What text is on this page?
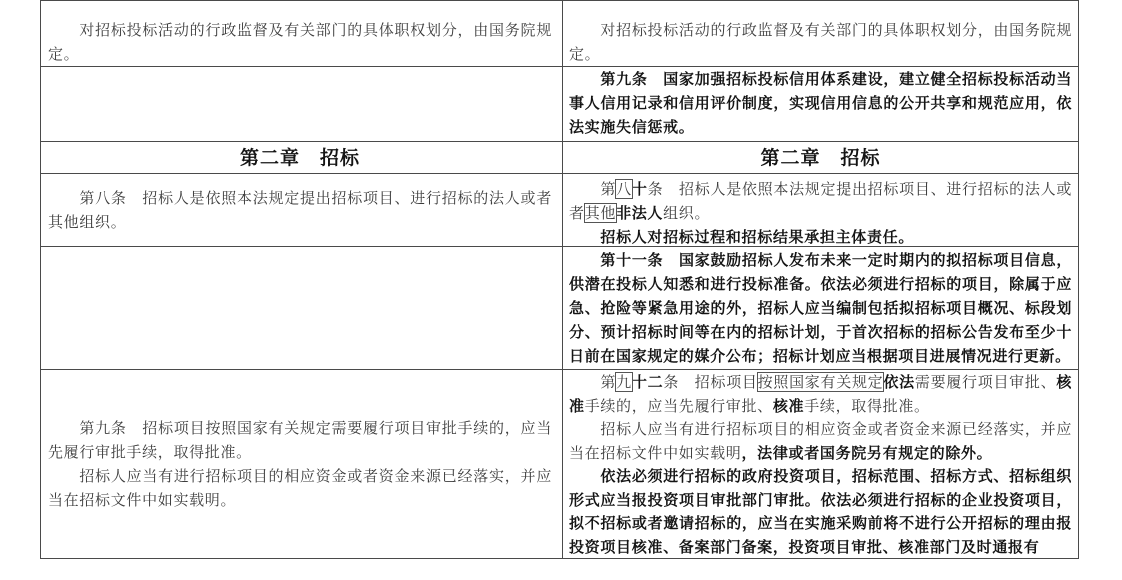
对招标投标活动的行政监督及有关部门的具体职权划分，由国务院规定。

对招标投标活动的行政监督及有关部门的具体职权划分，由国务院规定。

第九条　国家加强招标投标信用体系建设，建立健全招标投标活动当事人信用记录和信用评价制度，实现信用信息的公开共享和规范应用，依法实施失信惩戒。

第二章　招标	第二章　招标

第八条　招标人是依照本法规定提出招标项目、进行招标的法人或者其他组织。

第八十条　招标人是依照本法规定提出招标项目、进行招标的法人或者其他非法人组织。

招标人对招标过程和招标结果承担主体责任。

第十一条　国家鼓励招标人发布未来一定时期内的拟招标项目信息，供潜在投标人知悉和进行投标准备。依法必须进行招标的项目，除属于应急、抢险等紧急用途的外，招标人应当编制包括拟招标项目概况、标段划分、预计招标时间等在内的招标计划，于首次招标的招标公告发布至少十日前在国家规定的媒介公布；招标计划应当根据项目进展情况进行更新。

第九条　招标项目按照国家有关规定需要履行项目审批手续的，应当先履行审批手续，取得批准。

招标人应当有进行招标项目的相应资金或者资金来源已经落实，并应当在招标文件中如实载明。

第九十二条　招标项目按照国家有关规定依法需要履行项目审批、核准手续的，应当先履行审批、核准手续，取得批准。

招标人应当有进行招标项目的相应资金或者资金来源已经落实，并应当在招标文件中如实载明，法律或者国务院另有规定的除外。

依法必须进行招标的政府投资项目，招标范围、招标方式、招标组织形式应当报投资项目审批部门审批。依法必须进行招标的企业投资项目，拟不招标或者邀请招标的，应当在实施采购前将不进行公开招标的理由报投资项目核准、备案部门备案，投资项目审批、核准部门及时通报有
